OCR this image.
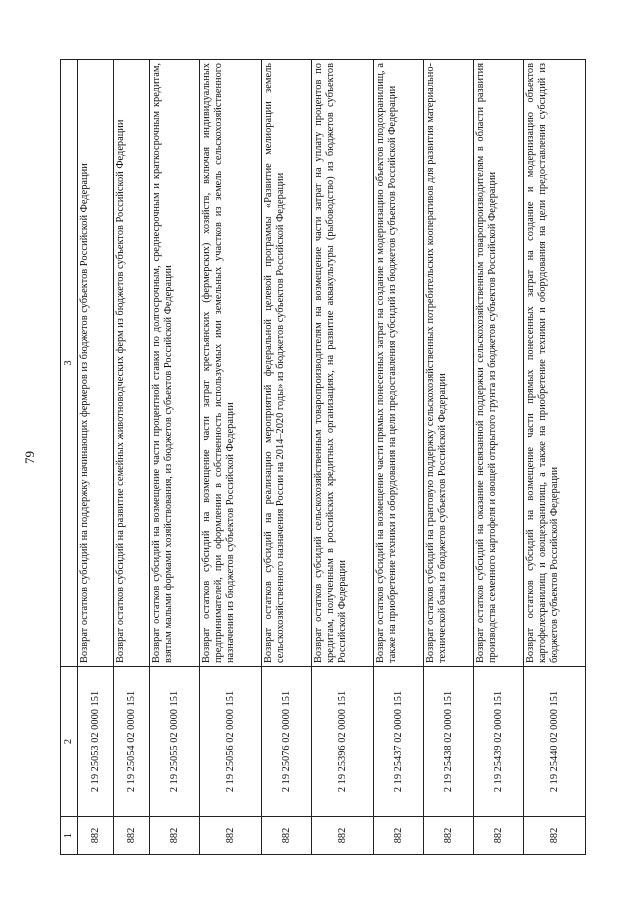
79
1	2	3
882	2 19 25053 02 0000 151	Возврат остатков субсидий на поддержку начинающих фермеров из бюджетов субъектов Российской Федерации
882	2 19 25054 02 0000 151	Возврат остатков субсидий на развитие семейных животноводческих ферм из бюджетов субъектов Российской Федерации
882	2 19 25055 02 0000 151	Возврат остатков субсидий на возмещение части процентной ставки по долгосрочным, среднесрочным и краткосрочным кредитам, взятым малыми формами хозяйствования, из бюджетов субъектов Российской Федерации
882	2 19 25056 02 0000 151	Возврат остатков субсидий на возмещение части затрат крестьянских (фермерских) хозяйств, включая индивидуальных предпринимателей, при оформлении в собственность используемых ими земельных участков из земель сельскохозяйственного назначения из бюджетов субъектов Российской Федерации
882	2 19 25076 02 0000 151	Возврат остатков субсидий на реализацию мероприятий федеральной целевой программы «Развитие мелиорации земель сельскохозяйственного назначения России на 2014–2020 годы» из бюджетов субъектов Российской Федерации
882	2 19 25396 02 0000 151	Возврат остатков субсидий сельскохозяйственным товаропроизводителям на возмещение части затрат на уплату процентов по кредитам, полученным в российских кредитных организациях, на развитие аквакультуры (рыбоводство) из бюджетов субъектов Российской Федерации
882	2 19 25437 02 0000 151	Возврат остатков субсидий на возмещение части прямых понесенных затрат на создание и модернизацию объектов плодохранилищ, а также на приобретение техники и оборудования на цели предоставления субсидий из бюджетов субъектов Российской Федерации
882	2 19 25438 02 0000 151	Возврат остатков субсидий на грантовую поддержку сельскохозяйственных потребительских кооперативов для развития материально-технической базы из бюджетов субъектов Российской Федерации
882	2 19 25439 02 0000 151	Возврат остатков субсидий на оказание несвязанной поддержки сельскохозяйственным товаропроизводителям в области развития производства семенного картофеля и овощей открытого грунта из бюджетов субъектов Российской Федерации
882	2 19 25440 02 0000 151	Возврат остатков субсидий на возмещение части прямых понесенных затрат на создание и модернизацию объектов картофелехранилищ и овощехранилищ, а также на приобретение техники и оборудования на цели предоставления субсидий из бюджетов субъектов Российской Федерации
